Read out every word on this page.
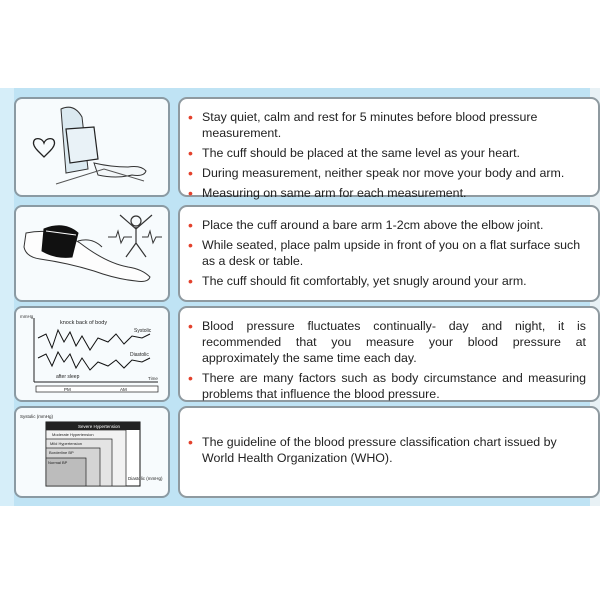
• Stay quiet, calm and rest for 5 minutes before blood pressure measurement.
• The cuff should be placed at the same level as your heart.
• During measurement, neither speak nor move your body and arm.
• Measuring on same arm for each measurement.
• Place the cuff around a bare arm 1-2cm above the elbow joint.
• While seated, place palm upside in front of you on a flat surface such as a desk or table.
• The cuff should fit comfortably, yet snugly around your arm.
mmHg
knock back of body
Systolic
Diastolic
after sleep	Time
PM	AM
• Blood pressure fluctuates continually- day and night, it is recommended that you measure your blood pressure at approximately the same time each day.
• There are many factors such as body circumstance and measuring problems that influence the blood pressure.
Systolic (mmHg)
Severe Hypertension
Moderate Hypertension
Mild Hypertension
Borderline BP
Normal BP
Diastolic (mmHg)
• The guideline of the blood pressure classification chart issued by World Health Organization (WHO).
